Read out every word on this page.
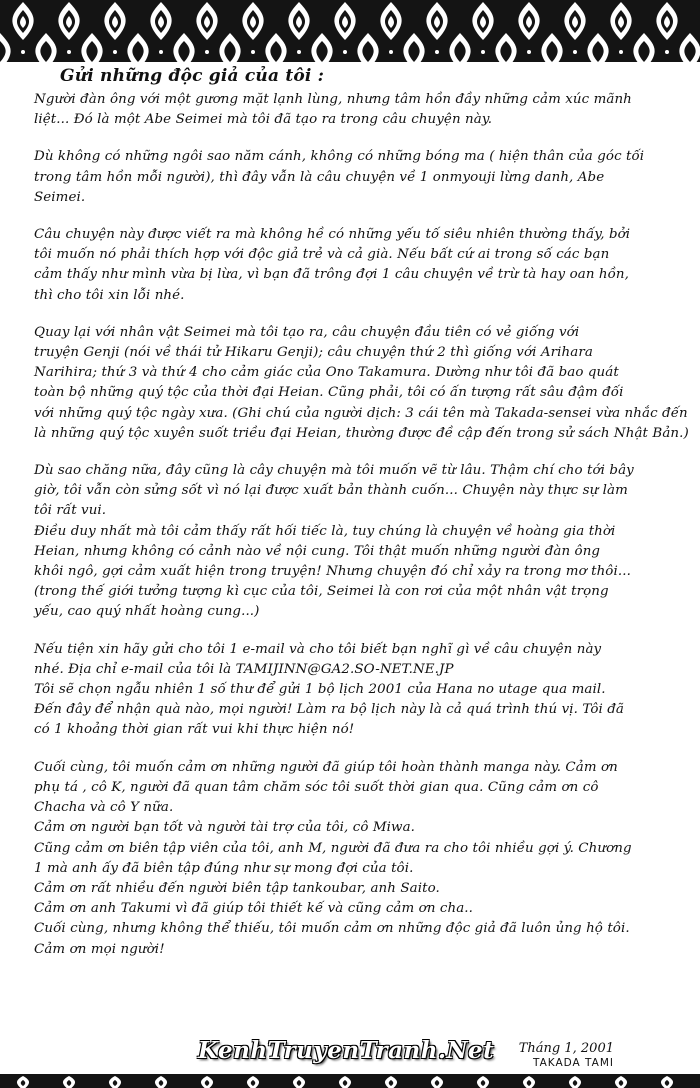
Gửi những độc giả của tôi :
Người đàn ông với một gương mặt lạnh lùng, nhưng tâm hồn đầy những cảm xúc mãnh
liệt... Đó là một Abe Seimei mà tôi đã tạo ra trong câu chuyện này.
Dù không có những ngôi sao năm cánh, không có những bóng ma ( hiện thân của góc tối
trong tâm hồn mỗi người), thì đây vẫn là câu chuyện về 1 onmyouji lừng danh, Abe
Seimei.
Câu chuyện này được viết ra mà không hề có những yếu tố siêu nhiên thường thấy, bởi
tôi muốn nó phải thích hợp với độc giả trẻ và cả già. Nếu bất cứ ai trong số các bạn
cảm thấy như mình vừa bị lừa, vì bạn đã trông đợi 1 câu chuyện về trừ tà hay oan hồn,
thì cho tôi xin lỗi nhé.
Quay lại với nhân vật Seimei mà tôi tạo ra, câu chuyện đầu tiên có vẻ giống với
truyện Genji (nói về thái tử Hikaru Genji); câu chuyện thứ 2 thì giống với Arihara
Narihira; thứ 3 và thứ 4 cho cảm giác của Ono Takamura. Dường như tôi đã bao quát
toàn bộ những quý tộc của thời đại Heian. Cũng phải, tôi có ấn tượng rất sâu đậm đối
với những quý tộc ngày xưa. (Ghi chú của người dịch: 3 cái tên mà Takada-sensei vừa nhắc đến
là những quý tộc xuyên suốt triều đại Heian, thường được đề cập đến trong sử sách Nhật Bản.)
Dù sao chăng nữa, đây cũng là cây chuyện mà tôi muốn vẽ từ lâu. Thậm chí cho tới bây
giờ, tôi vẫn còn sửng sốt vì nó lại được xuất bản thành cuốn... Chuyện này thực sự làm
tôi rất vui.
Điều duy nhất mà tôi cảm thấy rất hối tiếc là, tuy chúng là chuyện về hoàng gia thời
Heian, nhưng không có cảnh nào về nội cung. Tôi thật muốn những người đàn ông
khôi ngô, gợi cảm xuất hiện trong truyện! Nhưng chuyện đó chỉ xảy ra trong mơ thôi...
(trong thế giới tưởng tượng kì cục của tôi, Seimei là con rơi của một nhân vật trọng
yếu, cao quý nhất hoàng cung...)
Nếu tiện xin hãy gửi cho tôi 1 e-mail và cho tôi biết bạn nghĩ gì về câu chuyện này
nhé. Địa chỉ e-mail của tôi là TAMIJINN@GA2.SO-NET.NE.JP
Tôi sẽ chọn ngẫu nhiên 1 số thư để gửi 1 bộ lịch 2001 của Hana no utage qua mail.
Đến đây để nhận quà nào, mọi người! Làm ra bộ lịch này là cả quá trình thú vị. Tôi đã
có 1 khoảng thời gian rất vui khi thực hiện nó!
Cuối cùng, tôi muốn cảm ơn những người đã giúp tôi hoàn thành manga này. Cảm ơn
phụ tá , cô K, người đã quan tâm chăm sóc tôi suốt thời gian qua. Cũng cảm ơn cô
Chacha và cô Y nữa.
Cảm ơn người bạn tốt và người tài trợ của tôi, cô Miwa.
Cũng cảm ơn biên tập viên của tôi, anh M, người đã đưa ra cho tôi nhiều gợi ý. Chương
1 mà anh ấy đã biên tập đúng như sự mong đợi của tôi.
Cảm ơn rất nhiều đến người biên tập tankoubar, anh Saito.
Cảm ơn anh Takumi vì đã giúp tôi thiết kế và cũng cảm ơn cha..
Cuối cùng, nhưng không thể thiếu, tôi muốn cảm ơn những độc giả đã luôn ủng hộ tôi.
Cảm ơn mọi người!
KenhTruyenTranh.Net Tháng 1, 2001
TAKADA TAMI
